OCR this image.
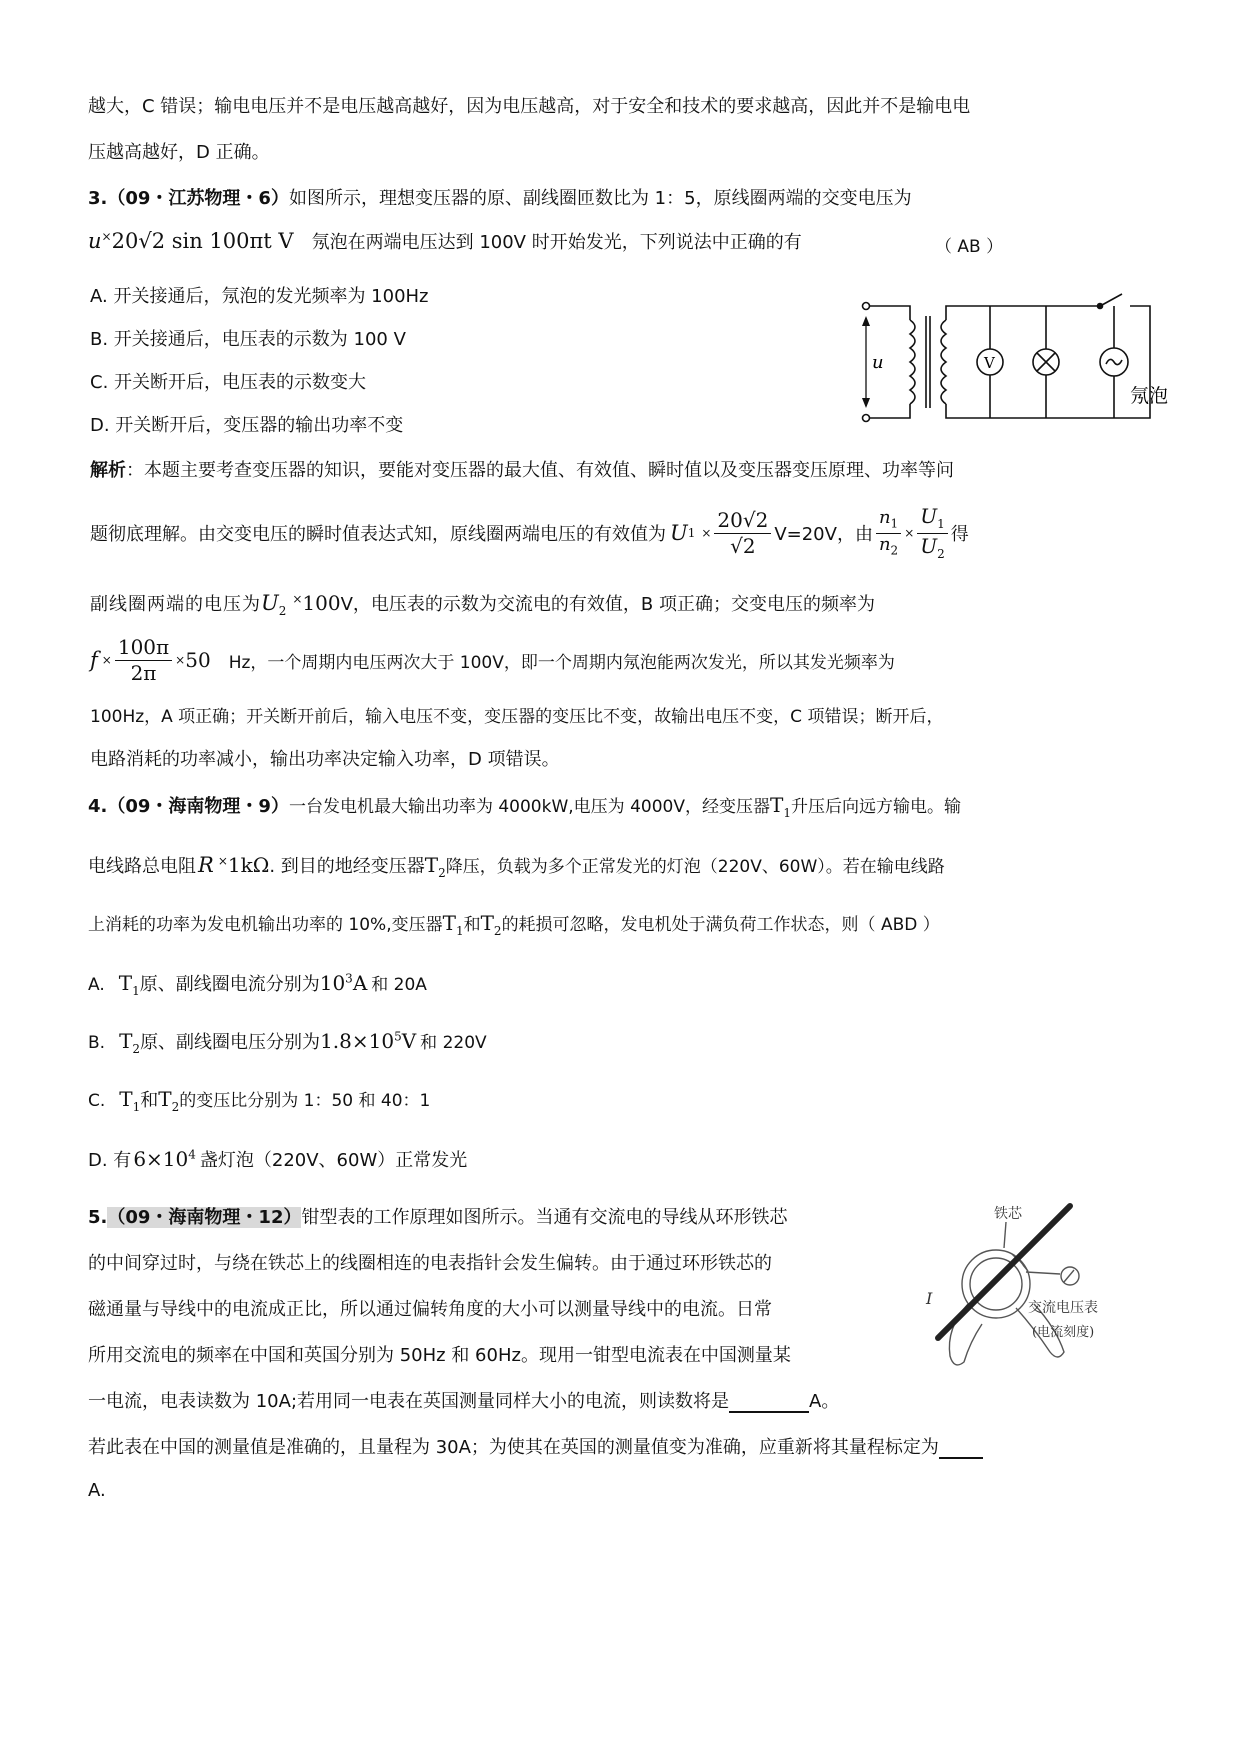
越大，C 错误；输电电压并不是电压越高越好，因为电压越高，对于安全和技术的要求越高，因此并不是输电电
压越高越好，D 正确。
3.（09・江苏物理・6）如图所示，理想变压器的原、副线圈匝数比为 1：5，原线圈两端的交变电压为
u×20√2 sin 100πt V 氖泡在两端电压达到 100V 时开始发光，下列说法中正确的有	（ AB ）
A. 开关接通后，氖泡的发光频率为 100Hz
B. 开关接通后，电压表的示数为 100 V
C. 开关断开后，电压表的示数变大
D. 开关断开后，变压器的输出功率不变
u	V
氖泡
解析：本题主要考查变压器的知识，要能对变压器的最大值、有效值、瞬时值以及变压器变压原理、功率等问
题彻底理解。由交变电压的瞬时值表达式知，原线圈两端电压的有效值为 U $1 \times \frac{20√2}{√2} V=20V$，由 $\frac{n_1}{n_2} \times \frac{U_1}{U_2}$ 得
副线圈两端的电压为$U_2^\times 100V$，电压表的示数为交流电的有效值，B 项正确；交变电压的频率为
$f \times \frac{100\pi}{2\pi} \times 50$ Hz，一个周期内电压两次大于 100V，即一个周期内氖泡能两次发光，所以其发光频率为
100Hz，A 项正确；开关断开前后，输入电压不变，变压器的变压比不变，故输出电压不变，C 项错误；断开后，
电路消耗的功率减小，输出功率决定输入功率，D 项错误。
4.（09・海南物理・9）一台发电机最大输出功率为 4000kW,电压为 4000V，经变压器$T_1$升压后向远方输电。输
电线路总电阻R ×1kΩ. 到目的地经变压器$T_2$降压，负载为多个正常发光的灯泡（220V、60W）。若在输电线路
上消耗的功率为发电机输出功率的 10%,变压器$T_1$和$T_2$的耗损可忽略，发电机处于满负荷工作状态，则（ ABD ）
A. $T_1$原、副线圈电流分别为$10^3A$ 和 20A
B. $T_2$原、副线圈电压分别为$1.8\times 10^5V$ 和 220V
C. $T_1$和$T_2$的变压比分别为 1：50 和 40：1
D. 有 $6\times 10^4$ 盏灯泡（220V、60W）正常发光
5.（09・海南物理・12）钳型表的工作原理如图所示。当通有交流电的导线从环形铁芯
的中间穿过时，与绕在铁芯上的线圈相连的电表指针会发生偏转。由于通过环形铁芯的
磁通量与导线中的电流成正比，所以通过偏转角度的大小可以测量导线中的电流。日常
所用交流电的频率在中国和英国分别为 50Hz 和 60Hz。现用一钳型电流表在中国测量某
一电流，电表读数为 10A;若用同一电表在英国测量同样大小的电流，则读数将是	A。
若此表在中国的测量值是准确的，且量程为 30A；为使其在英国的测量值变为准确，应重新将其量程标定为
A.
铁芯
I	交流电压表
(电流刻度)
